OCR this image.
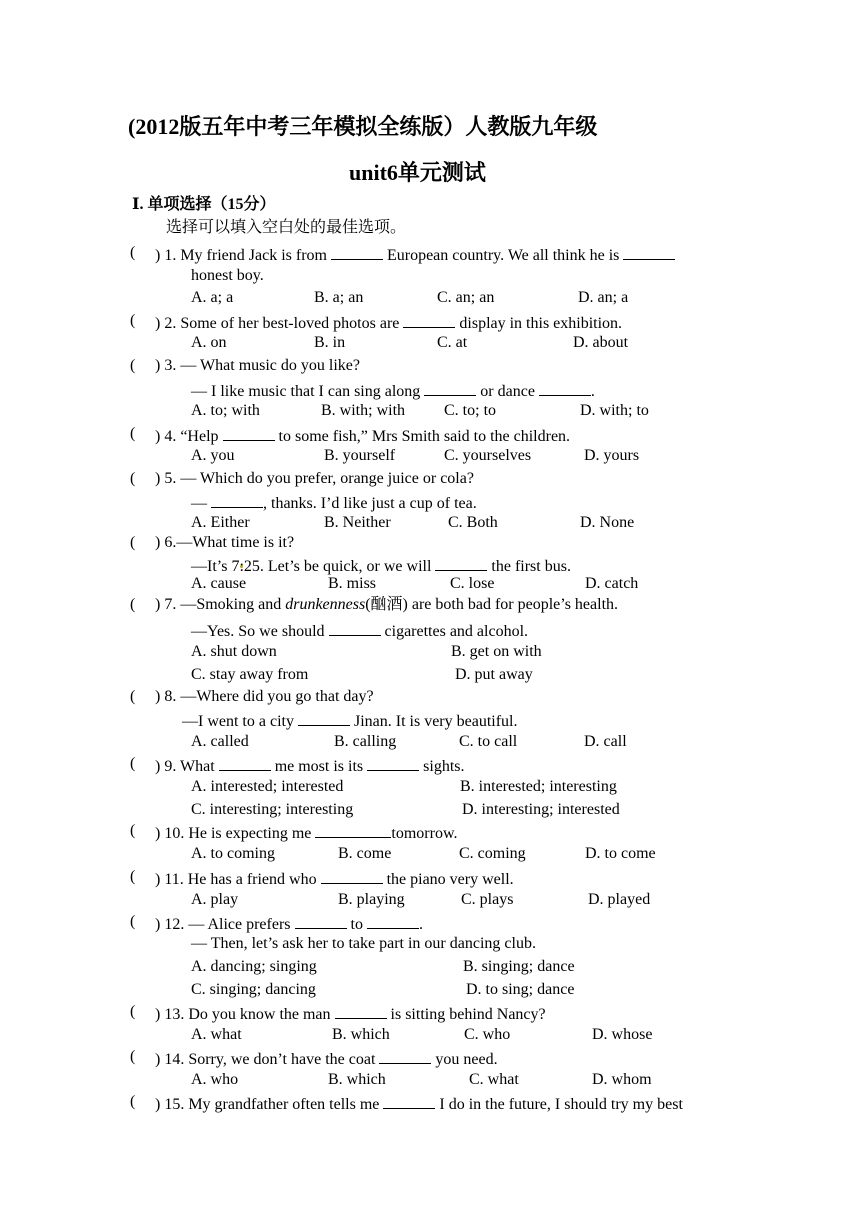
(2012版五年中考三年模拟全练版）人教版九年级
unit6单元测试
Ⅰ. 单项选择（15分）
选择可以填入空白处的最佳选项。
( ) 1. My friend Jack is from	European country. We all think he is
honest boy.
A. a; a	B. a; an	C. an; an	D. an; a
( ) 2. Some of her best-loved photos are	display in this exhibition.
A. on	B. in	C. at	D. about
( ) 3. — What music do you like?
— I like music that I can sing along	or dance	.
A. to; with	B. with; with C. to; to	D. with; to
( ) 4. “Help	to some fish,” Mrs Smith said to the children.
A. you	B. yourself	C. yourselves	D. yours
( ) 5. — Which do you prefer, orange juice or cola?
—	, thanks. I’d like just a cup of tea.
A. Either	B. Neither	C. Both	D. None
( ) 6.—What time is it?
—It’s 7:25. Let’s be quick, or we will	the first bus.
A. cause	B. miss	C. lose	D. catch
( ) 7. —Smoking and drunkenness(酗酒) are both bad for people’s health.
—Yes. So we should	cigarettes and alcohol.
A. shut down	B. get on with
C. stay away from	D. put away
( ) 8. —Where did you go that day?
—I went to a city	Jinan. It is very beautiful.
A. called	B. calling	C. to call	D. call
( ) 9. What	me most is its	sights.
A. interested; interested	B. interested; interesting
C. interesting; interesting	D. interesting; interested
( ) 10. He is expecting me	tomorrow.
A. to coming	B. come	C. coming	D. to come
( ) 11. He has a friend who	the piano very well.
A. play	B. playing	C. plays	D. played
( ) 12. — Alice prefers	to	.
— Then, let’s ask her to take part in our dancing club.
A. dancing; singing	B. singing; dance
C. singing; dancing	D. to sing; dance
( ) 13. Do you know the man	is sitting behind Nancy?
A. what	B. which	C. who	D. whose
( ) 14. Sorry, we don’t have the coat	you need.
A. who	B. which	C. what	D. whom
( ) 15. My grandfather often tells me	I do in the future, I should try my best
